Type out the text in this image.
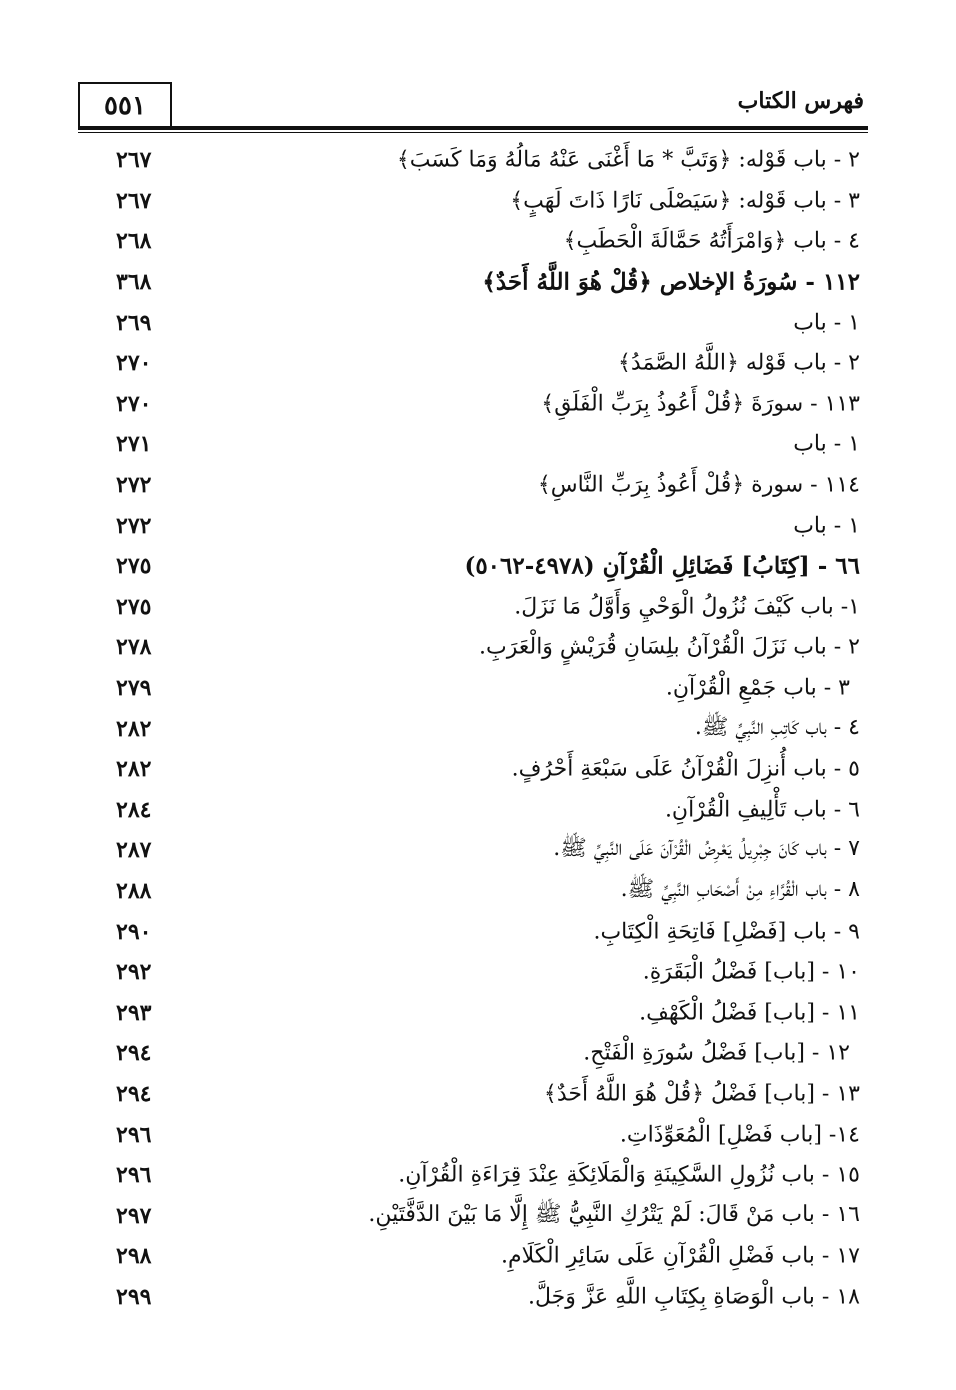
٥٥١	فهرس الكتاب
٢ - باب قَوْله: ﴿وَتَبَّ * مَا أَغْنَى عَنْهُ مَالُهُ وَمَا كَسَبَ﴾
٢٦٧
٣ - باب قَوْله: ﴿سَيَصْلَى نَارًا ذَاتَ لَهَبٍ﴾
٢٦٧
٤ - باب ﴿وَامْرَأَتُهُ حَمَّالَةَ الْحَطَبِ﴾
٢٦٨
١١٢ - سُورَةُ الإخلاص ﴿قُلْ هُوَ اللَّهُ أَحَدٌ﴾
٣٦٨
١ - باب
٢٦٩
٢ - باب قَوْله ﴿اللَّهُ الصَّمَدُ﴾
٢٧٠
١١٣ - سورَةَ ﴿قُلْ أَعُوذُ بِرَبِّ الْفَلَقِ﴾
٢٧٠
١ - باب
٢٧١
١١٤ - سورة ﴿قُلْ أَعُوذُ بِرَبِّ النَّاسِ﴾
٢٧٢
١ - باب
٢٧٢
٦٦ - [كِتَابُ] فَضَائِلِ الْقُرْآنِ (٤٩٧٨-٥٠٦٢)
٢٧٥
١- باب كَيْفَ نُزُولُ الْوَحْيِ وَأَوَّلُ مَا نَزَلَ.
٢٧٥
٢ - باب نَزَلَ الْقُرْآنُ بلِسَانِ قُرَيْشٍ وَالْعَرَبِ.
٢٧٨
٣ - باب جَمْعِ الْقُرْآنِ.
٢٧٩
٤ - باب كَاتِبِ النَّبِيِّ ﷺ.
٢٨٢
٥ - باب أُنزِلَ الْقُرْآنُ عَلَى سَبْعَةِ أَحْرُفٍ.
٢٨٢
٦ - باب تَأْلِيفِ الْقُرْآنِ.
٢٨٤
٧ - باب كَانَ جِبْرِيلُ يَعْرِضُ الْقُرْآنَ عَلَى النَّبِيِّ ﷺ.
٢٨٧
٨ - باب الْقُرَّاءِ مِنْ أَصْحَابِ النَّبِيِّ ﷺ.
٢٨٨
٩ - باب [فَضْلِ] فَاتِحَةِ الْكِتَابِ.
٢٩٠
١٠ - [باب] فَضْلُ الْبَقَرَةِ.
٢٩٢
١١ - [باب] فَضْلُ الْكَهْفِ.
٢٩٣
١٢ - [باب] فَضْلُ سُورَةِ الْفَتْحِ.
٢٩٤
١٣ - [باب] فَضْلُ ﴿قُلْ هُوَ اللَّهُ أَحَدٌ﴾
٢٩٤
١٤- [باب فَضْلِ] الْمُعَوِّذَاتِ.
٢٩٦
١٥ - باب نُزُولِ السَّكِينَةِ وَالْمَلَائِكَةِ عِنْدَ قِرَاءَةِ الْقُرْآنِ.
٢٩٦
١٦ - باب مَنْ قَالَ: لَمْ يَتْرُكِ النَّبِيُّ ﷺ إِلَّا مَا بَيْنَ الدَّفَّتَيْنِ.
٢٩٧
١٧ - باب فَضْلِ الْقُرْآنِ عَلَى سَائِرِ الْكَلَامِ.
٢٩٨
١٨ - باب الْوَصَاةِ بِكِتَابِ اللَّهِ عَزَّ وَجَلَّ.
٢٩٩
